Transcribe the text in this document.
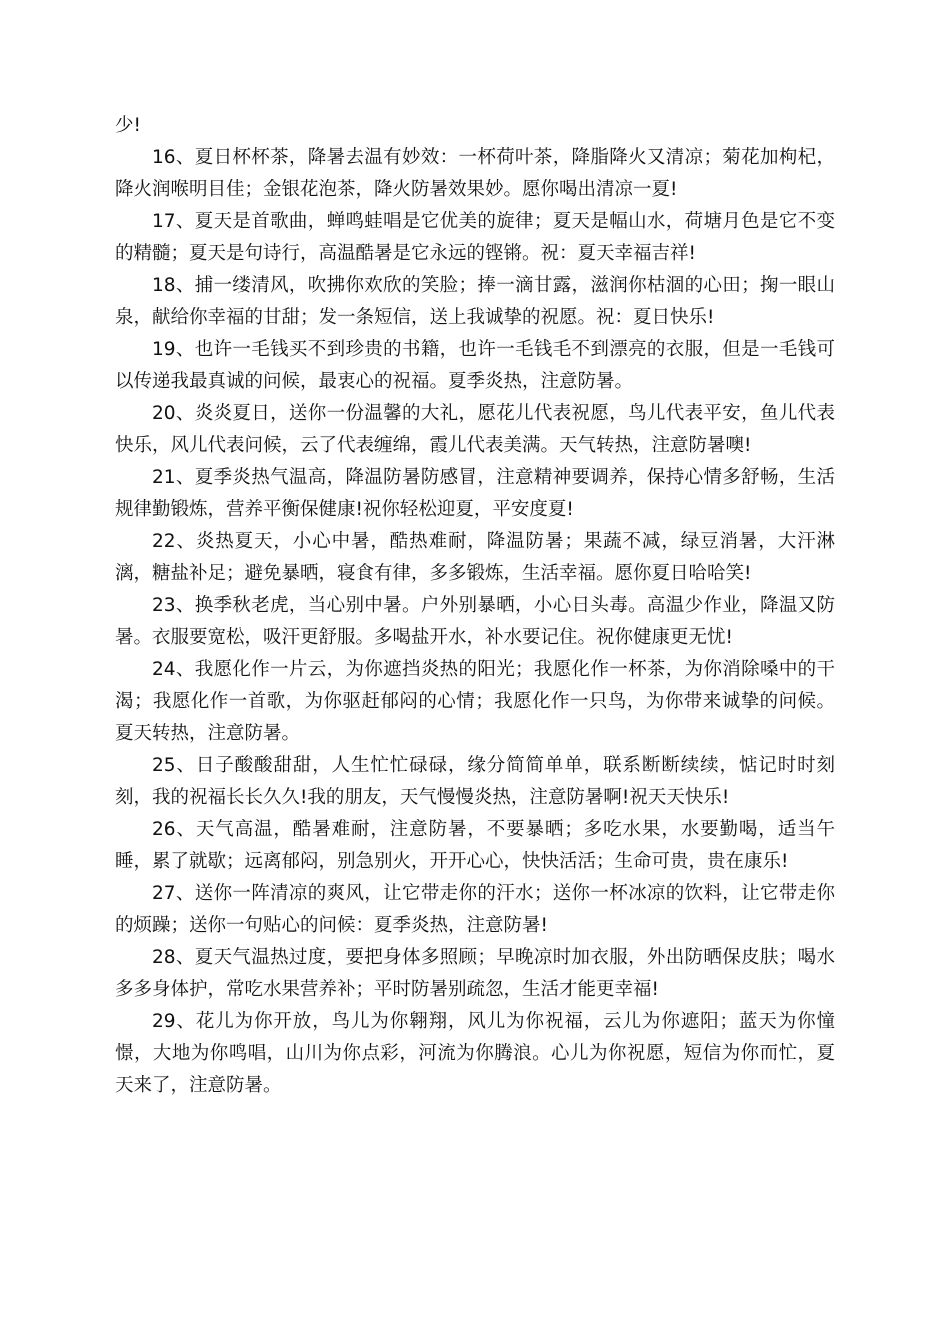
少!

16、夏日杯杯茶，降暑去温有妙效：一杯荷叶茶，降脂降火又清凉；菊花加枸杞，降火润喉明目佳；金银花泡茶，降火防暑效果妙。愿你喝出清凉一夏!

17、夏天是首歌曲，蝉鸣蛙唱是它优美的旋律；夏天是幅山水，荷塘月色是它不变的精髓；夏天是句诗行，高温酷暑是它永远的铿锵。祝：夏天幸福吉祥!

18、捕一缕清风，吹拂你欢欣的笑脸；捧一滴甘露，滋润你枯涸的心田；掬一眼山泉，献给你幸福的甘甜；发一条短信，送上我诚挚的祝愿。祝：夏日快乐!

19、也许一毛钱买不到珍贵的书籍，也许一毛钱毛不到漂亮的衣服，但是一毛钱可以传递我最真诚的问候，最衷心的祝福。夏季炎热，注意防暑。

20、炎炎夏日，送你一份温馨的大礼，愿花儿代表祝愿，鸟儿代表平安，鱼儿代表快乐，风儿代表问候，云了代表缠绵，霞儿代表美满。天气转热，注意防暑噢!

21、夏季炎热气温高，降温防暑防感冒，注意精神要调养，保持心情多舒畅，生活规律勤锻炼，营养平衡保健康!祝你轻松迎夏，平安度夏!

22、炎热夏天，小心中暑，酷热难耐，降温防暑；果蔬不减，绿豆消暑，大汗淋漓，糖盐补足；避免暴晒，寝食有律，多多锻炼，生活幸福。愿你夏日哈哈笑!

23、换季秋老虎，当心别中暑。户外别暴晒，小心日头毒。高温少作业，降温又防暑。衣服要宽松，吸汗更舒服。多喝盐开水，补水要记住。祝你健康更无忧!

24、我愿化作一片云，为你遮挡炎热的阳光；我愿化作一杯茶，为你消除嗓中的干渴；我愿化作一首歌，为你驱赶郁闷的心情；我愿化作一只鸟，为你带来诚挚的问候。夏天转热，注意防暑。

25、日子酸酸甜甜，人生忙忙碌碌，缘分简简单单，联系断断续续，惦记时时刻刻，我的祝福长长久久!我的朋友，天气慢慢炎热，注意防暑啊!祝天天快乐!

26、天气高温，酷暑难耐，注意防暑，不要暴晒；多吃水果，水要勤喝，适当午睡，累了就歇；远离郁闷，别急别火，开开心心，快快活活；生命可贵，贵在康乐!

27、送你一阵清凉的爽风，让它带走你的汗水；送你一杯冰凉的饮料，让它带走你的烦躁；送你一句贴心的问候：夏季炎热，注意防暑!

28、夏天气温热过度，要把身体多照顾；早晚凉时加衣服，外出防晒保皮肤；喝水多多身体护，常吃水果营养补；平时防暑别疏忽，生活才能更幸福!

29、花儿为你开放，鸟儿为你翱翔，风儿为你祝福，云儿为你遮阳；蓝天为你憧憬，大地为你鸣唱，山川为你点彩，河流为你腾浪。心儿为你祝愿，短信为你而忙，夏天来了，注意防暑。
